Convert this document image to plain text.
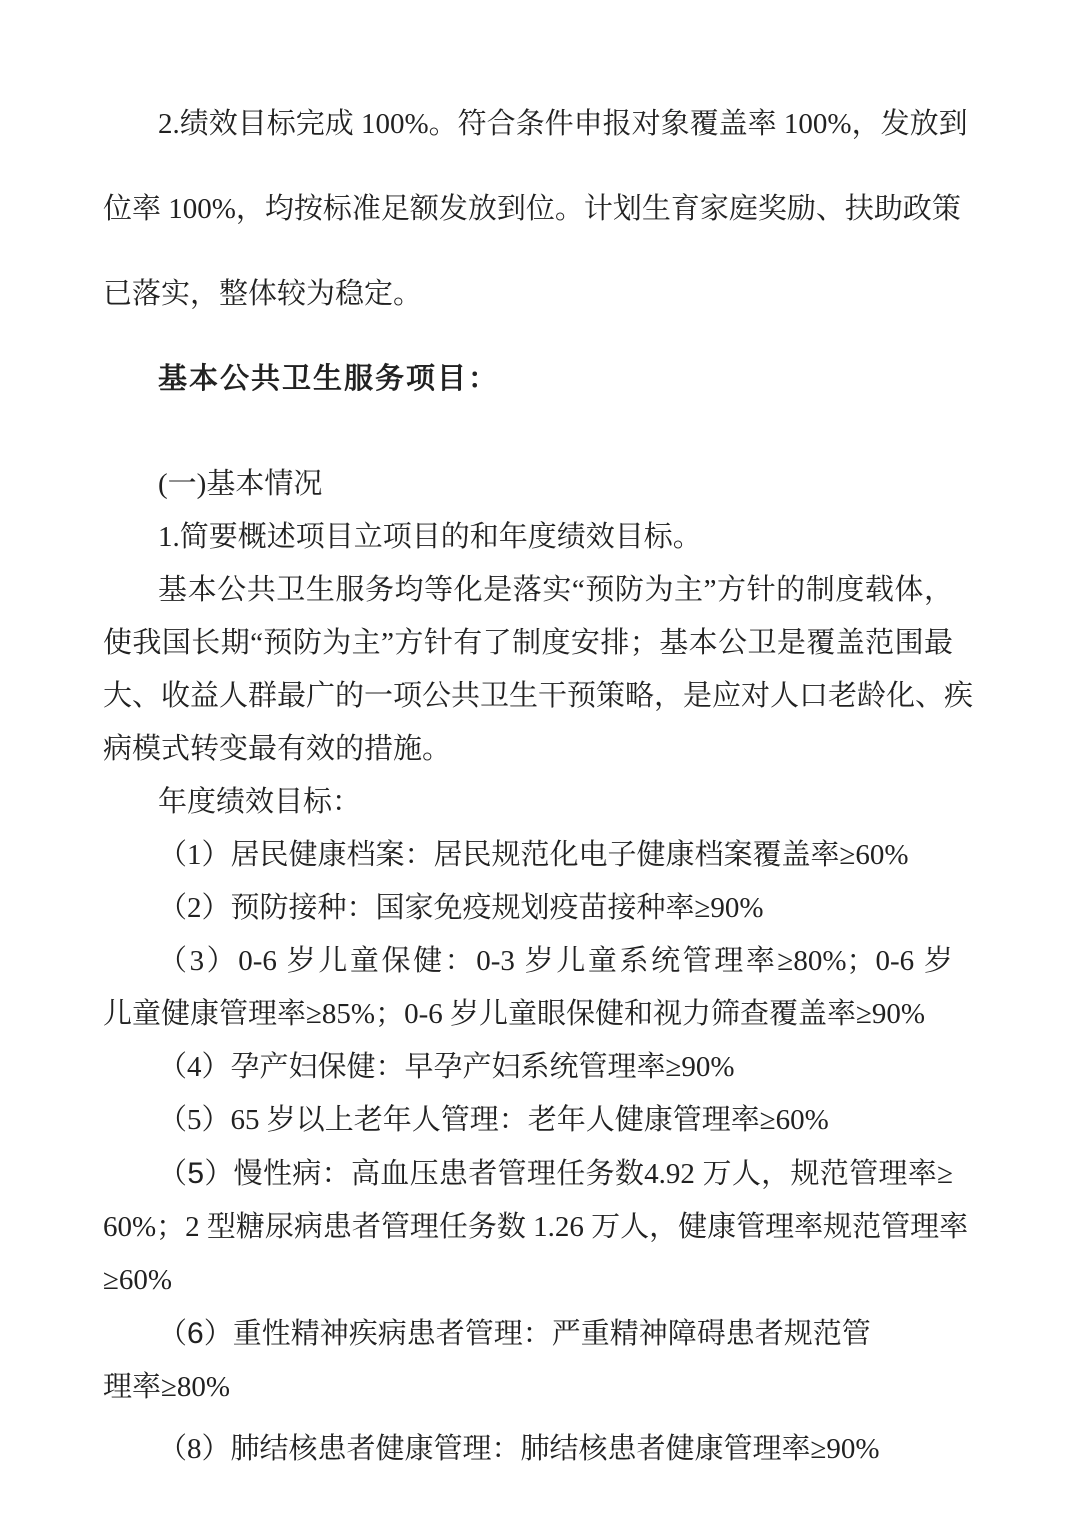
2.绩效目标完成 100%。符合条件申报对象覆盖率 100%，发放到

位率 100%，均按标准足额发放到位。计划生育家庭奖励、扶助政策

已落实，整体较为稳定。

基本公共卫生服务项目：

(一)基本情况

1.简要概述项目立项目的和年度绩效目标。

基本公共卫生服务均等化是落实“预防为主”方针的制度载体，

使我国长期“预防为主”方针有了制度安排；基本公卫是覆盖范围最

大、收益人群最广的一项公共卫生干预策略，是应对人口老龄化、疾

病模式转变最有效的措施。

年度绩效目标：

（1）居民健康档案：居民规范化电子健康档案覆盖率≥60%

（2）预防接种：国家免疫规划疫苗接种率≥90%

（3）0-6 岁儿童保健：0-3 岁儿童系统管理率≥80%；0-6 岁

儿童健康管理率≥85%；0-6 岁儿童眼保健和视力筛查覆盖率≥90%

（4）孕产妇保健：早孕产妇系统管理率≥90%

（5）65 岁以上老年人管理：老年人健康管理率≥60%

（5）慢性病：高血压患者管理任务数4.92 万人，规范管理率≥

60%；2 型糖尿病患者管理任务数 1.26 万人，健康管理率规范管理率

≥60%

（6）重性精神疾病患者管理：严重精神障碍患者规范管

理率≥80%

（8）肺结核患者健康管理：肺结核患者健康管理率≥90%
